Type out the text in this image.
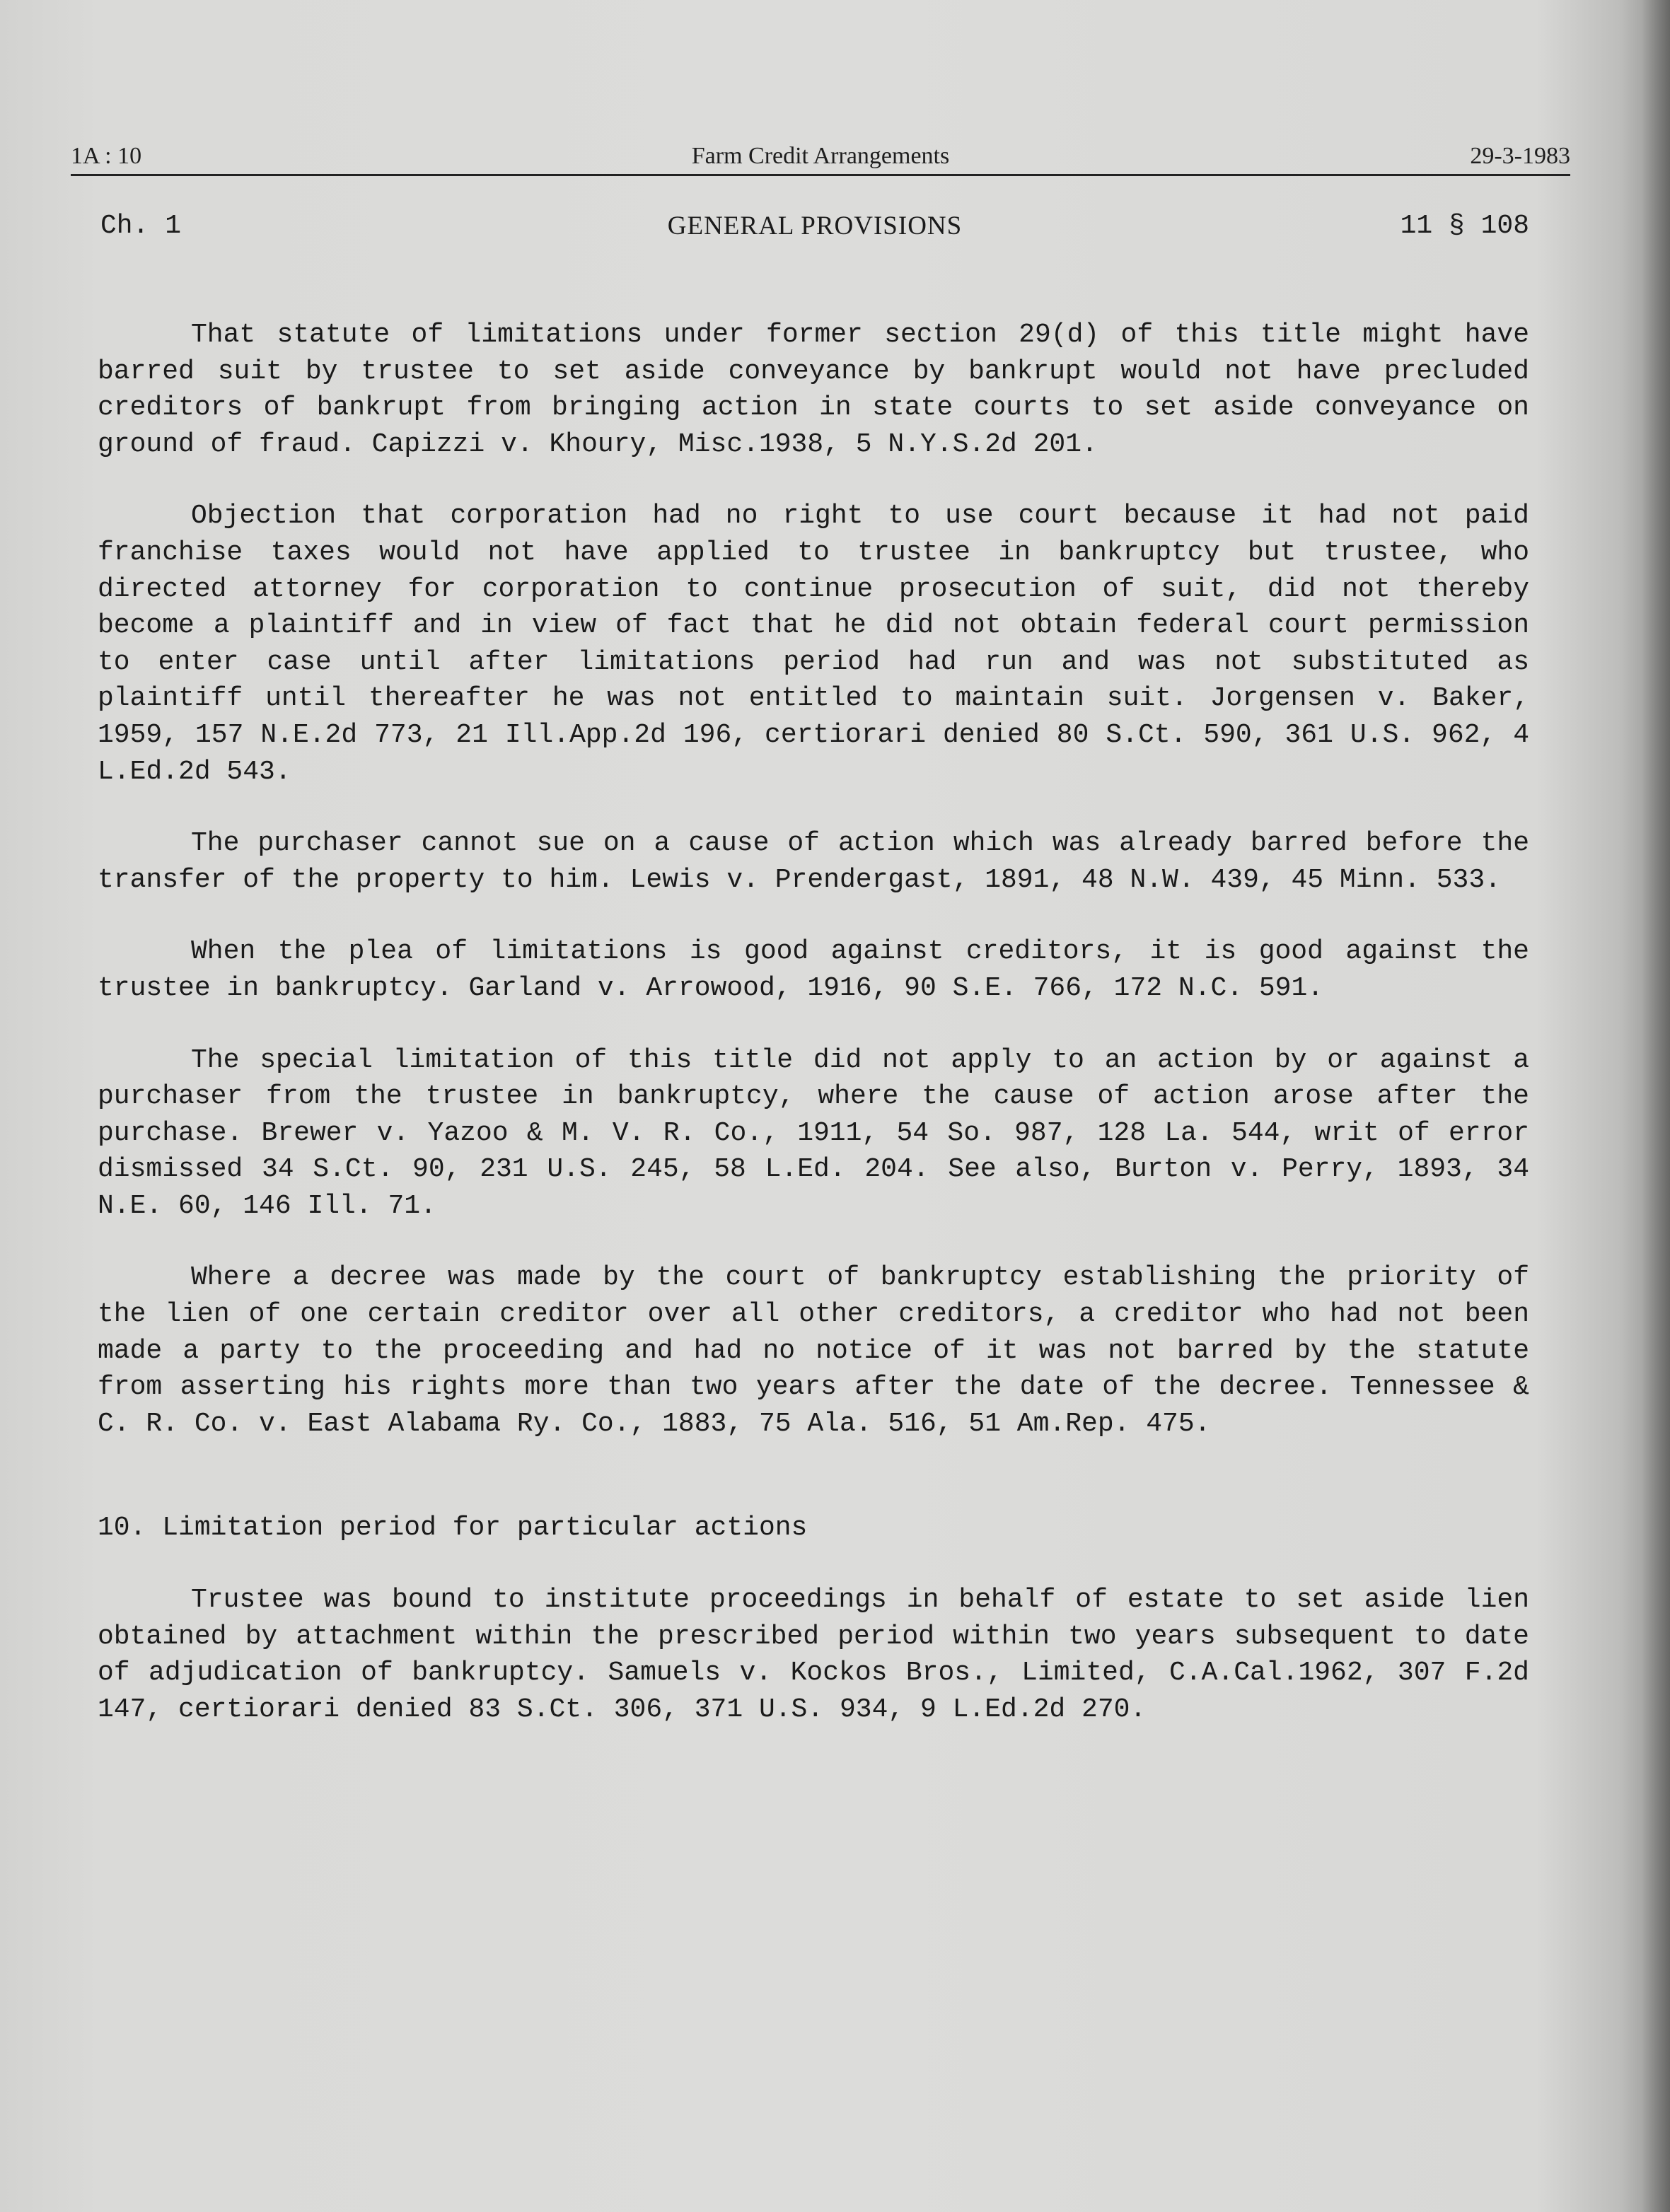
1A : 10	Farm Credit Arrangements	29-3-1983
Ch. 1	GENERAL PROVISIONS	11 § 108

That statute of limitations under former section 29(d) of this title might have barred suit by trustee to set aside conveyance by bankrupt would not have precluded creditors of bankrupt from bringing action in state courts to set aside conveyance on ground of fraud. Capizzi v. Khoury, Misc.1938, 5 N.Y.S.2d 201.

Objection that corporation had no right to use court because it had not paid franchise taxes would not have applied to trustee in bankruptcy but trustee, who directed attorney for corporation to continue prosecution of suit, did not thereby become a plaintiff and in view of fact that he did not obtain federal court permission to enter case until after limitations period had run and was not substituted as plaintiff until thereafter he was not entitled to maintain suit. Jorgensen v. Baker, 1959, 157 N.E.2d 773, 21 Ill.App.2d 196, certiorari denied 80 S.Ct. 590, 361 U.S. 962, 4 L.Ed.2d 543.

The purchaser cannot sue on a cause of action which was already barred before the transfer of the property to him. Lewis v. Prendergast, 1891, 48 N.W. 439, 45 Minn. 533.

When the plea of limitations is good against creditors, it is good against the trustee in bankruptcy. Garland v. Arrowood, 1916, 90 S.E. 766, 172 N.C. 591.

The special limitation of this title did not apply to an action by or against a purchaser from the trustee in bankruptcy, where the cause of action arose after the purchase. Brewer v. Yazoo & M. V. R. Co., 1911, 54 So. 987, 128 La. 544, writ of error dismissed 34 S.Ct. 90, 231 U.S. 245, 58 L.Ed. 204. See also, Burton v. Perry, 1893, 34 N.E. 60, 146 Ill. 71.

Where a decree was made by the court of bankruptcy establishing the priority of the lien of one certain creditor over all other creditors, a creditor who had not been made a party to the proceeding and had no notice of it was not barred by the statute from asserting his rights more than two years after the date of the decree. Tennessee & C. R. Co. v. East Alabama Ry. Co., 1883, 75 Ala. 516, 51 Am.Rep. 475.

10. Limitation period for particular actions

Trustee was bound to institute proceedings in behalf of estate to set aside lien obtained by attachment within the prescribed period within two years subsequent to date of adjudication of bankruptcy. Samuels v. Kockos Bros., Limited, C.A.Cal.1962, 307 F.2d 147, certiorari denied 83 S.Ct. 306, 371 U.S. 934, 9 L.Ed.2d 270.
